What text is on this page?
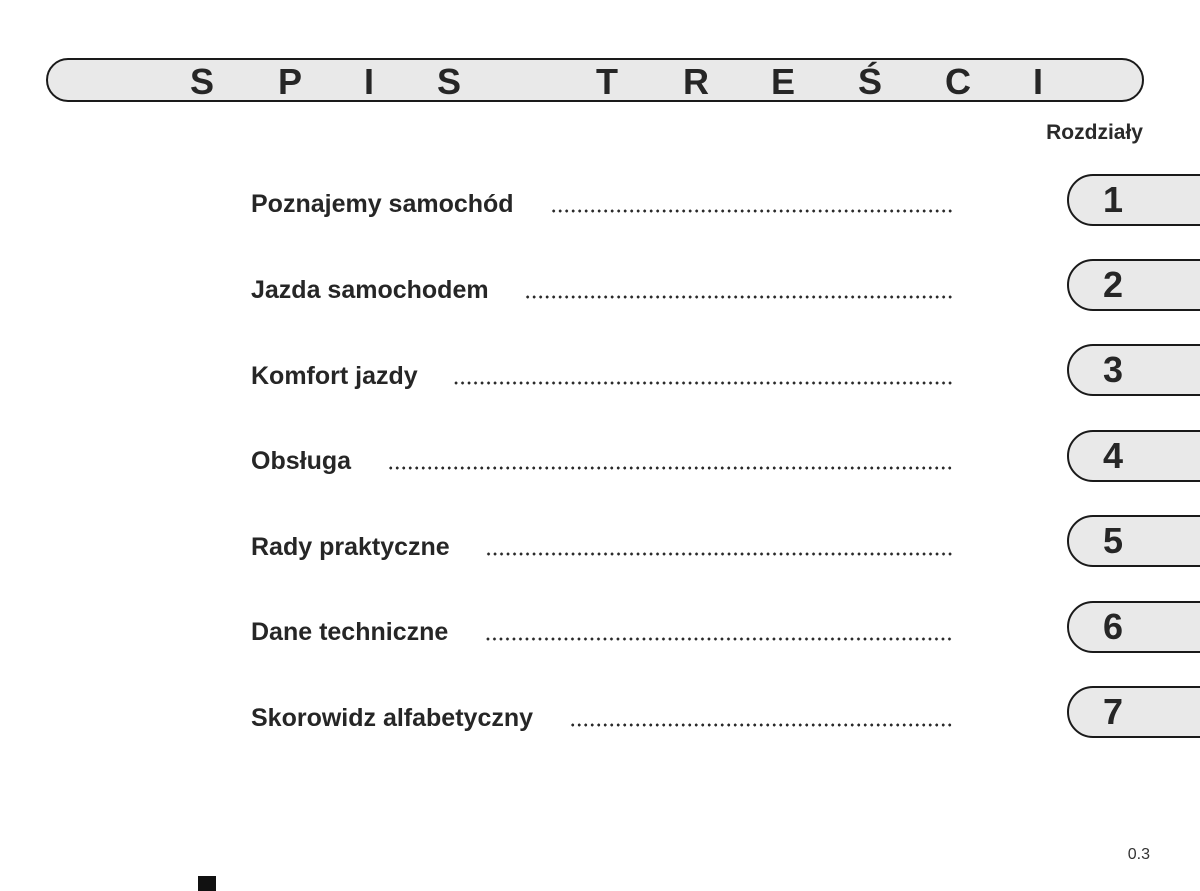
S P I S	T R E Ś C I
Rozdziały
Poznajemy samochód
Jazda samochodem
Komfort jazdy
Obsługa
Rady praktyczne
Dane techniczne
Skorowidz alfabetyczny
1
2
3
4
5
6
7
0.3
